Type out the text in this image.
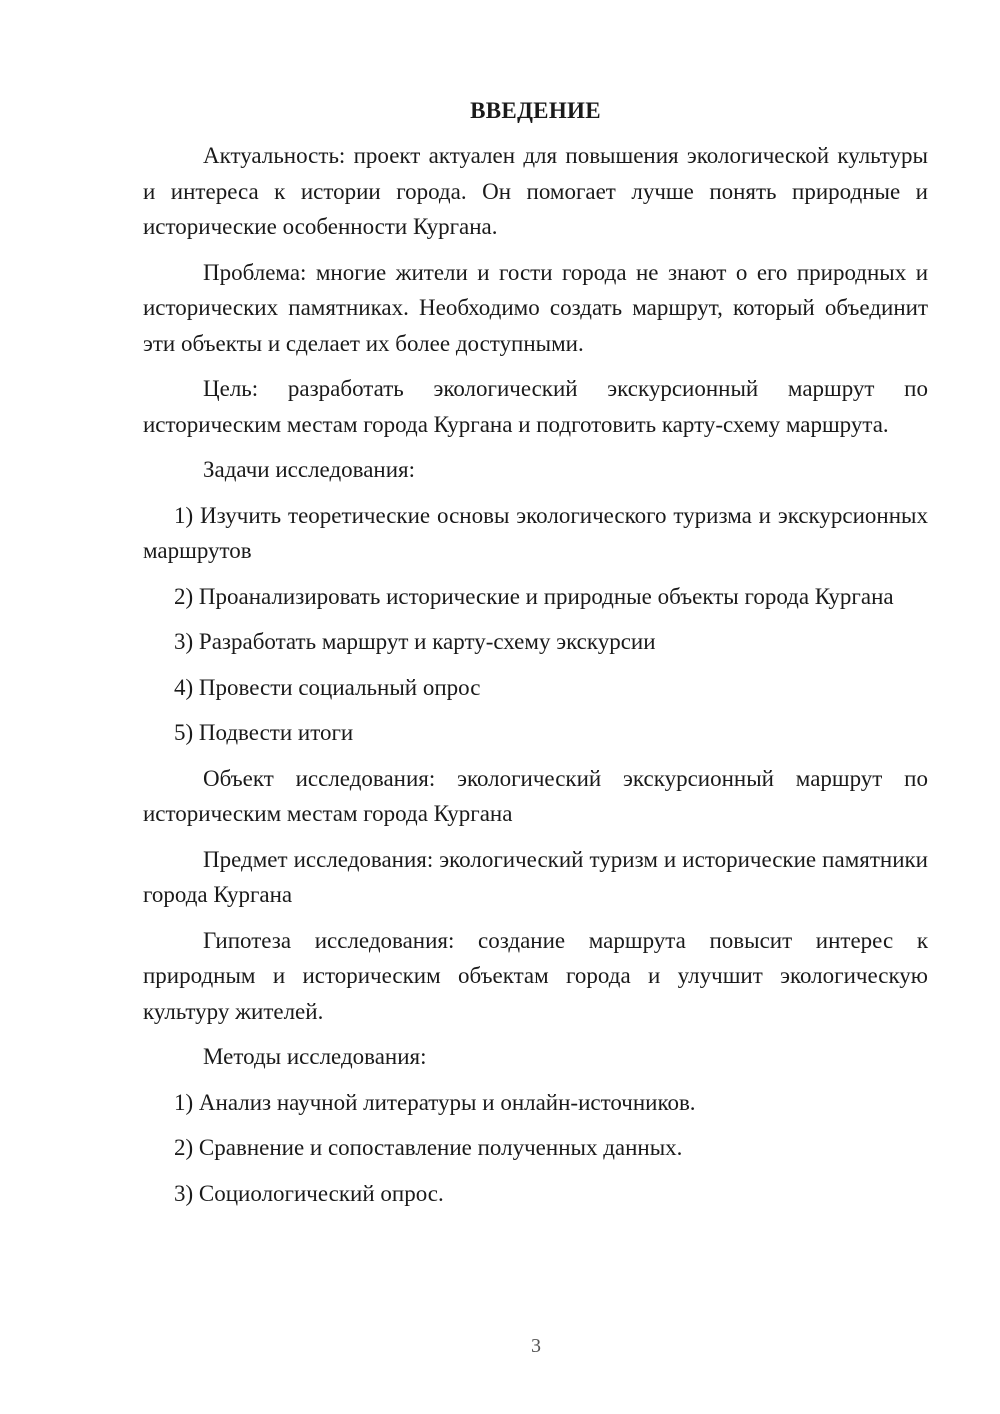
ВВЕДЕНИЕ

Актуальность: проект актуален для повышения экологической культуры и интереса к истории города. Он помогает лучше понять природные и исторические особенности Кургана.

Проблема: многие жители и гости города не знают о его природных и исторических памятниках. Необходимо создать маршрут, который объединит эти объекты и сделает их более доступными.

Цель: разработать экологический экскурсионный маршрут по историческим местам города Кургана и подготовить карту-схему маршрута.

Задачи исследования:

1) Изучить теоретические основы экологического туризма и экскурсионных маршрутов

2) Проанализировать исторические и природные объекты города Кургана

3) Разработать маршрут и карту-схему экскурсии

4) Провести социальный опрос

5) Подвести итоги

Объект исследования: экологический экскурсионный маршрут по историческим местам города Кургана

Предмет исследования: экологический туризм и исторические памятники города Кургана

Гипотеза исследования: создание маршрута повысит интерес к природным и историческим объектам города и улучшит экологическую культуру жителей.

Методы исследования:

1) Анализ научной литературы и онлайн-источников.

2) Сравнение и сопоставление полученных данных.

3) Социологический опрос.

3
